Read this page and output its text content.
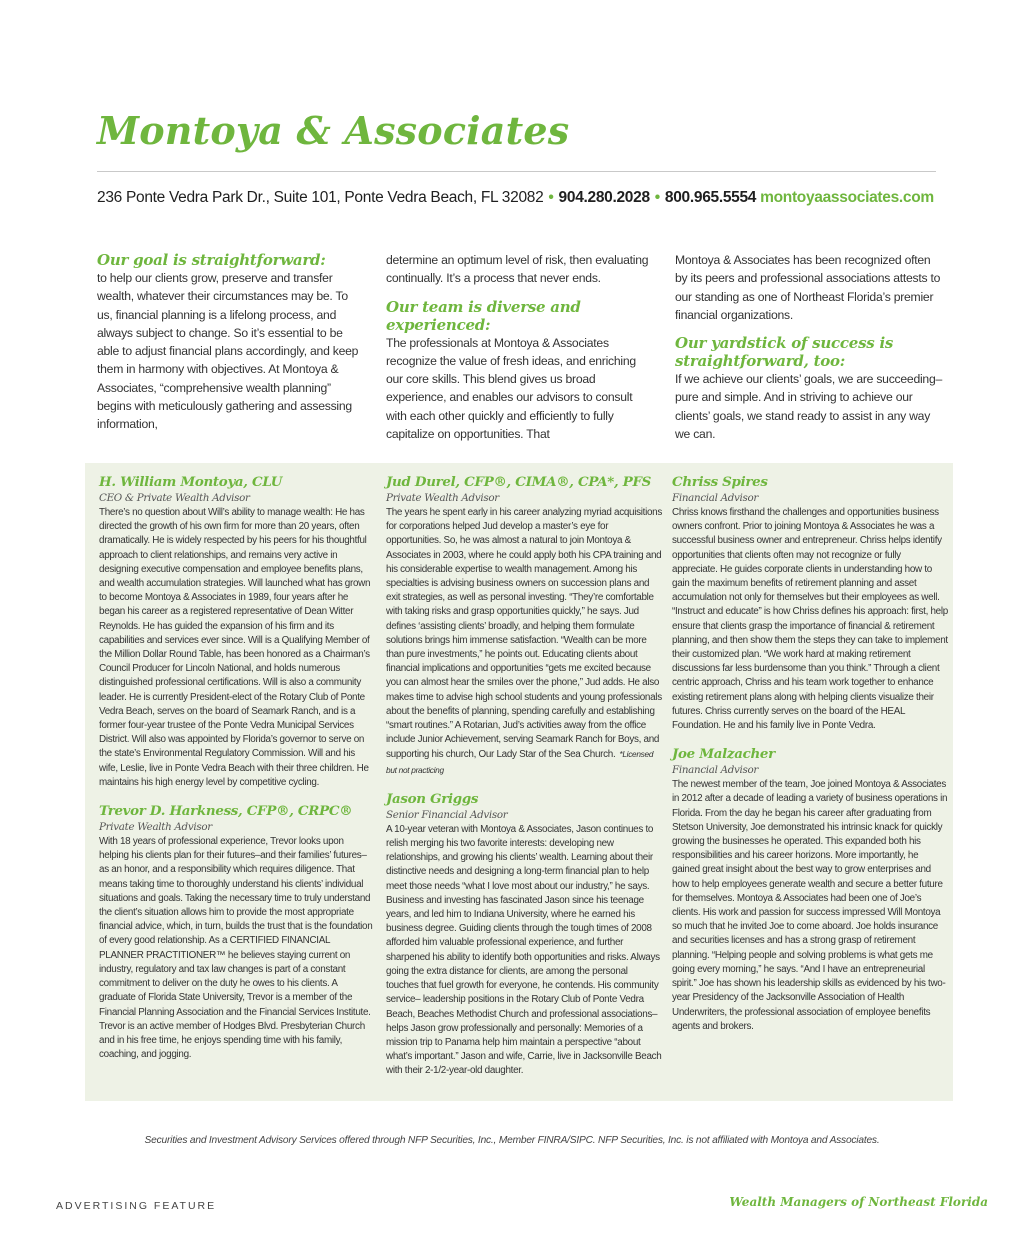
Montoya & Associates
236 Ponte Vedra Park Dr., Suite 101, Ponte Vedra Beach, FL 32082 • 904.280.2028 • 800.965.5554 montoyaassociates.com

Our goal is straightforward:

to help our clients grow, preserve and transfer wealth, whatever their circumstances may be. To us, financial planning is a lifelong process, and always subject to change. So it’s essential to be able to adjust financial plans accordingly, and keep them in harmony with objectives. At Montoya & Associates, “comprehensive wealth planning” begins with meticulously gathering and assessing information,

determine an optimum level of risk, then evaluating continually. It’s a process that never ends.

Our team is diverse and experienced:

The professionals at Montoya & Associates recognize the value of fresh ideas, and enriching our core skills. This blend gives us broad experience, and enables our advisors to consult with each other quickly and efficiently to fully capitalize on opportunities. That

Montoya & Associates has been recognized often by its peers and professional associations attests to our standing as one of Northeast Florida’s premier financial organizations.

Our yardstick of success is straightforward, too:

If we achieve our clients’ goals, we are succeeding–pure and simple. And in striving to achieve our clients’ goals, we stand ready to assist in any way we can.

H. William Montoya, CLU

CEO & Private Wealth Advisor

There’s no question about Will’s ability to manage wealth: He has directed the growth of his own firm for more than 20 years, often dramatically. He is widely respected by his peers for his thoughtful approach to client relationships, and remains very active in designing executive compensation and employee benefits plans, and wealth accumulation strategies. Will launched what has grown to become Montoya & Associates in 1989, four years after he began his career as a registered representative of Dean Witter Reynolds. He has guided the expansion of his firm and its capabilities and services ever since. Will is a Qualifying Member of the Million Dollar Round Table, has been honored as a Chairman’s Council Producer for Lincoln National, and holds numerous distinguished professional certifications. Will is also a community leader. He is currently President-elect of the Rotary Club of Ponte Vedra Beach, serves on the board of Seamark Ranch, and is a former four-year trustee of the Ponte Vedra Municipal Services District. Will also was appointed by Florida’s governor to serve on the state’s Environmental Regulatory Commission. Will and his wife, Leslie, live in Ponte Vedra Beach with their three children. He maintains his high energy level by competitive cycling.

Trevor D. Harkness, CFP®, CRPC®

Private Wealth Advisor

With 18 years of professional experience, Trevor looks upon helping his clients plan for their futures–and their families’ futures–as an honor, and a responsibility which requires diligence. That means taking time to thoroughly understand his clients’ individual situations and goals. Taking the necessary time to truly understand the client’s situation allows him to provide the most appropriate financial advice, which, in turn, builds the trust that is the foundation of every good relationship. As a CERTIFIED FINANCIAL PLANNER PRACTITIONER™ he believes staying current on industry, regulatory and tax law changes is part of a constant commitment to deliver on the duty he owes to his clients. A graduate of Florida State University, Trevor is a member of the Financial Planning Association and the Financial Services Institute. Trevor is an active member of Hodges Blvd. Presbyterian Church and in his free time, he enjoys spending time with his family, coaching, and jogging.

Jud Durel, CFP®, CIMA®, CPA*, PFS

Private Wealth Advisor

The years he spent early in his career analyzing myriad acquisitions for corporations helped Jud develop a master’s eye for opportunities. So, he was almost a natural to join Montoya & Associates in 2003, where he could apply both his CPA training and his considerable expertise to wealth management. Among his specialties is advising business owners on succession plans and exit strategies, as well as personal investing. “They’re comfortable with taking risks and grasp opportunities quickly,” he says. Jud defines ‘assisting clients’ broadly, and helping them formulate solutions brings him immense satisfaction. “Wealth can be more than pure investments,” he points out. Educating clients about financial implications and opportunities “gets me excited because you can almost hear the smiles over the phone,” Jud adds. He also makes time to advise high school students and young professionals about the benefits of planning, spending carefully and establishing “smart routines.” A Rotarian, Jud’s activities away from the office include Junior Achievement, serving Seamark Ranch for Boys, and supporting his church, Our Lady Star of the Sea Church. *Licensed but not practicing

Jason Griggs

Senior Financial Advisor

A 10-year veteran with Montoya & Associates, Jason continues to relish merging his two favorite interests: developing new relationships, and growing his clients’ wealth. Learning about their distinctive needs and designing a long-term financial plan to help meet those needs “what I love most about our industry,” he says. Business and investing has fascinated Jason since his teenage years, and led him to Indiana University, where he earned his business degree. Guiding clients through the tough times of 2008 afforded him valuable professional experience, and further sharpened his ability to identify both opportunities and risks. Always going the extra distance for clients, are among the personal touches that fuel growth for everyone, he contends. His community service– leadership positions in the Rotary Club of Ponte Vedra Beach, Beaches Methodist Church and professional associations– helps Jason grow professionally and personally: Memories of a mission trip to Panama help him maintain a perspective “about what’s important.” Jason and wife, Carrie, live in Jacksonville Beach with their 2-1/2-year-old daughter.

Chriss Spires

Financial Advisor

Chriss knows firsthand the challenges and opportunities business owners confront. Prior to joining Montoya & Associates he was a successful business owner and entrepreneur. Chriss helps identify opportunities that clients often may not recognize or fully appreciate. He guides corporate clients in understanding how to gain the maximum benefits of retirement planning and asset accumulation not only for themselves but their employees as well. “Instruct and educate” is how Chriss defines his approach: first, help ensure that clients grasp the importance of financial & retirement planning, and then show them the steps they can take to implement their customized plan. “We work hard at making retirement discussions far less burdensome than you think.” Through a client centric approach, Chriss and his team work together to enhance existing retirement plans along with helping clients visualize their futures. Chriss currently serves on the board of the HEAL Foundation. He and his family live in Ponte Vedra.

Joe Malzacher

Financial Advisor

The newest member of the team, Joe joined Montoya & Associates in 2012 after a decade of leading a variety of business operations in Florida. From the day he began his career after graduating from Stetson University, Joe demonstrated his intrinsic knack for quickly growing the businesses he operated. This expanded both his responsibilities and his career horizons. More importantly, he gained great insight about the best way to grow enterprises and how to help employees generate wealth and secure a better future for themselves. Montoya & Associates had been one of Joe’s clients. His work and passion for success impressed Will Montoya so much that he invited Joe to come aboard. Joe holds insurance and securities licenses and has a strong grasp of retirement planning. “Helping people and solving problems is what gets me going every morning,” he says. “And I have an entrepreneurial spirit.” Joe has shown his leadership skills as evidenced by his two-year Presidency of the Jacksonville Association of Health Underwriters, the professional association of employee benefits agents and brokers.

Securities and Investment Advisory Services offered through NFP Securities, Inc., Member FINRA/SIPC. NFP Securities, Inc. is not affiliated with Montoya and Associates.
ADVERTISING FEATURE	Wealth Managers of Northeast Florida
